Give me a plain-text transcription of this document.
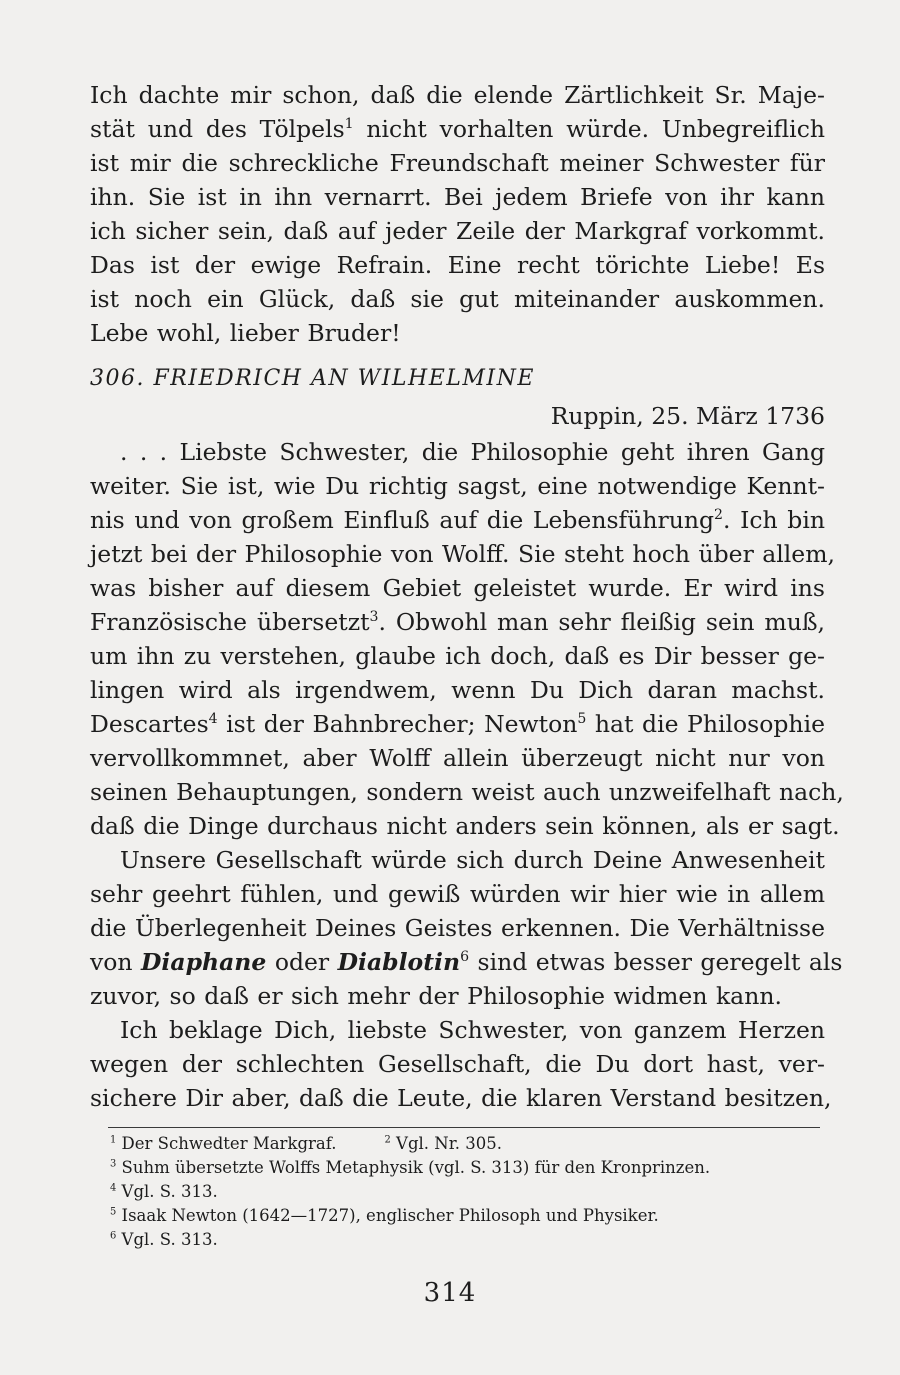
Ich dachte mir schon, daß die elende Zärtlichkeit Sr. Maje-
stät und des Tölpels$^1$ nicht vorhalten würde. Unbegreiflich
ist mir die schreckliche Freundschaft meiner Schwester für
ihn. Sie ist in ihn vernarrt. Bei jedem Briefe von ihr kann
ich sicher sein, daß auf jeder Zeile der Markgraf vorkommt.
Das ist der ewige Refrain. Eine recht törichte Liebe! Es
ist noch ein Glück, daß sie gut miteinander auskommen.
Lebe wohl, lieber Bruder!

306. FRIEDRICH AN WILHELMINE
Ruppin, 25. März 1736

. . . Liebste Schwester, die Philosophie geht ihren Gang
weiter. Sie ist, wie Du richtig sagst, eine notwendige Kennt-
nis und von großem Einfluß auf die Lebensführung$^2$. Ich bin
jetzt bei der Philosophie von Wolff. Sie steht hoch über allem,
was bisher auf diesem Gebiet geleistet wurde. Er wird ins
Französische übersetzt$^3$. Obwohl man sehr fleißig sein muß,
um ihn zu verstehen, glaube ich doch, daß es Dir besser ge-
lingen wird als irgendwem, wenn Du Dich daran machst.
Descartes$^4$ ist der Bahnbrecher; Newton$^5$ hat die Philosophie
vervollkommnet, aber Wolff allein überzeugt nicht nur von
seinen Behauptungen, sondern weist auch unzweifelhaft nach,
daß die Dinge durchaus nicht anders sein können, als er sagt.

Unsere Gesellschaft würde sich durch Deine Anwesenheit
sehr geehrt fühlen, und gewiß würden wir hier wie in allem
die Überlegenheit Deines Geistes erkennen. Die Verhältnisse
von Diaphane oder Diablotin$^6$ sind etwas besser geregelt als
zuvor, so daß er sich mehr der Philosophie widmen kann.

Ich beklage Dich, liebste Schwester, von ganzem Herzen
wegen der schlechten Gesellschaft, die Du dort hast, ver-
sichere Dir aber, daß die Leute, die klaren Verstand besitzen,

$^1$ Der Schwedter Markgraf.	$^2$ Vgl. Nr. 305.

$^3$ Suhm übersetzte Wolffs Metaphysik (vgl. S. 313) für den Kronprinzen.

$^4$ Vgl. S. 313.

$^5$ Isaak Newton (1642—1727), englischer Philosoph und Physiker.

$^6$ Vgl. S. 313.

314
